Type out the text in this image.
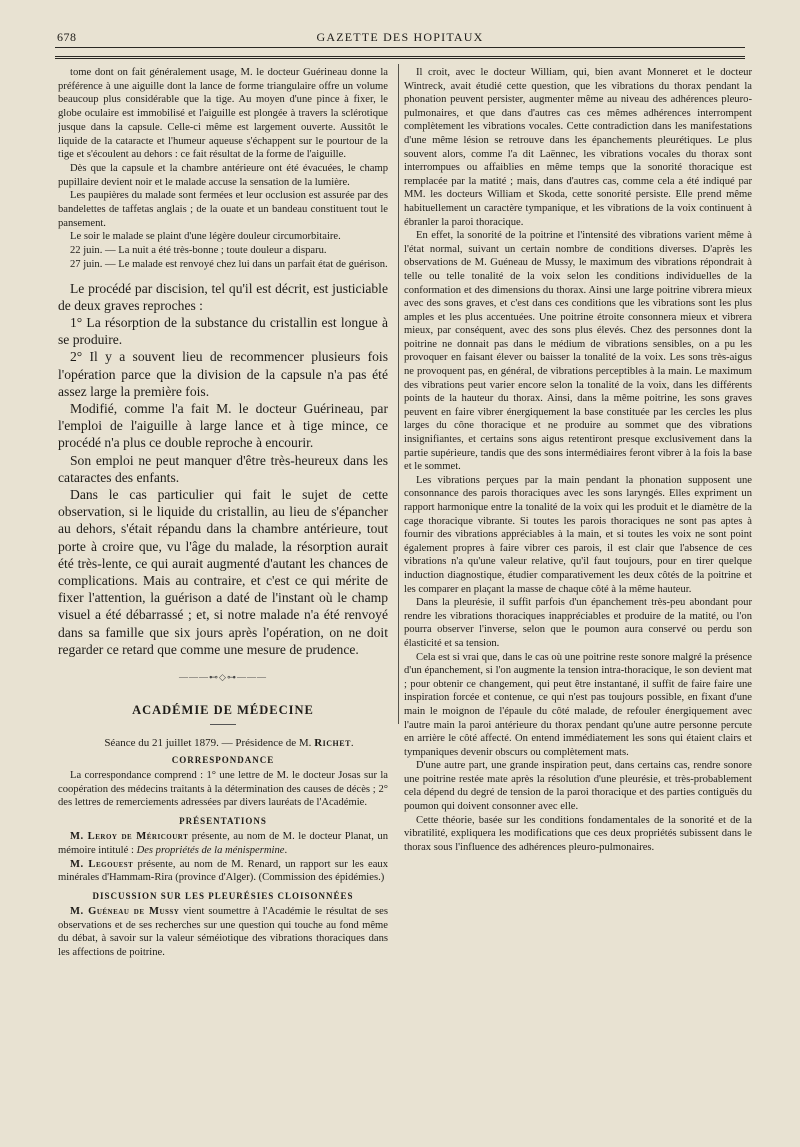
678	GAZETTE DES HOPITAUX

tome dont on fait généralement usage, M. le docteur Guérineau donne la préférence à une aiguille dont la lance de forme triangulaire offre un volume beaucoup plus considérable que la tige. Au moyen d'une pince à fixer, le globe oculaire est immobilisé et l'aiguille est plongée à travers la sclérotique jusque dans la capsule. Celle-ci même est largement ouverte. Aussitôt le liquide de la cataracte et l'humeur aqueuse s'échappent sur le pourtour de la tige et s'écoulent au dehors : ce fait résultat de la forme de l'aiguille.

Dès que la capsule et la chambre antérieure ont été évacuées, le champ pupillaire devient noir et le malade accuse la sensation de la lumière.

Les paupières du malade sont fermées et leur occlusion est assurée par des bandelettes de taffetas anglais ; de la ouate et un bandeau constituent tout le pansement.

Le soir le malade se plaint d'une légère douleur circumorbitaire.

22 juin. — La nuit a été très-bonne ; toute douleur a disparu.

27 juin. — Le malade est renvoyé chez lui dans un parfait état de guérison.

Le procédé par discision, tel qu'il est décrit, est justiciable de deux graves reproches :

1° La résorption de la substance du cristallin est longue à se produire.

2° Il y a souvent lieu de recommencer plusieurs fois l'opération parce que la division de la capsule n'a pas été assez large la première fois.

Modifié, comme l'a fait M. le docteur Guérineau, par l'emploi de l'aiguille à large lance et à tige mince, ce procédé n'a plus ce double reproche à encourir.

Son emploi ne peut manquer d'être très-heureux dans les cataractes des enfants.

Dans le cas particulier qui fait le sujet de cette observation, si le liquide du cristallin, au lieu de s'épancher au dehors, s'était répandu dans la chambre antérieure, tout porte à croire que, vu l'âge du malade, la résorption aurait été très-lente, ce qui aurait augmenté d'autant les chances de complications. Mais au contraire, et c'est ce qui mérite de fixer l'attention, la guérison a daté de l'instant où le champ visuel a été débarrassé ; et, si notre malade n'a été renvoyé dans sa famille que six jours après l'opération, on ne doit regarder ce retard que comme une mesure de prudence.

———⊷◇⊶———
ACADÉMIE DE MÉDECINE

Séance du 21 juillet 1879. — Présidence de M. Richet.

CORRESPONDANCE

La correspondance comprend : 1° une lettre de M. le docteur Josas sur la coopération des médecins traitants à la détermination des causes de décès ; 2° des lettres de remerciements adressées par divers lauréats de l'Académie.

PRÉSENTATIONS

M. Leroy de Méricourt présente, au nom de M. le docteur Planat, un mémoire intitulé : Des propriétés de la ménispermine.

M. Legouest présente, au nom de M. Renard, un rapport sur les eaux minérales d'Hammam-Rira (province d'Alger). (Commission des épidémies.)

DISCUSSION SUR LES PLEURÉSIES CLOISONNÉES

M. Guéneau de Mussy vient soumettre à l'Académie le résultat de ses observations et de ses recherches sur une question qui touche au fond même du débat, à savoir sur la valeur séméiotique des vibrations thoraciques dans les affections de poitrine.

Il croit, avec le docteur William, qui, bien avant Monneret et le docteur Wintreck, avait étudié cette question, que les vibrations du thorax pendant la phonation peuvent persister, augmenter même au niveau des adhérences pleuro-pulmonaires, et que dans d'autres cas ces mêmes adhérences interrompent complètement les vibrations vocales. Cette contradiction dans les manifestations d'une même lésion se retrouve dans les épanchements pleurétiques. Le plus souvent alors, comme l'a dit Laënnec, les vibrations vocales du thorax sont interrompues ou affaiblies en même temps que la sonorité thoracique est remplacée par la matité ; mais, dans d'autres cas, comme cela a été indiqué par MM. les docteurs William et Skoda, cette sonorité persiste. Elle prend même habituellement un caractère tympanique, et les vibrations de la voix continuent à ébranler la paroi thoracique.

En effet, la sonorité de la poitrine et l'intensité des vibrations varient même à l'état normal, suivant un certain nombre de conditions diverses. D'après les observations de M. Guéneau de Mussy, le maximum des vibrations répondrait à telle ou telle tonalité de la voix selon les conditions individuelles de la conformation et des dimensions du thorax. Ainsi une large poitrine vibrera mieux avec des sons graves, et c'est dans ces conditions que les vibrations sont les plus amples et les plus accentuées. Une poitrine étroite consonnera mieux et vibrera mieux, par conséquent, avec des sons plus élevés. Chez des personnes dont la poitrine ne donnait pas dans le médium de vibrations sensibles, on a pu les provoquer en faisant élever ou baisser la tonalité de la voix. Les sons très-aigus ne provoquent pas, en général, de vibrations perceptibles à la main. Le maximum des vibrations peut varier encore selon la tonalité de la voix, dans les différents points de la hauteur du thorax. Ainsi, dans la même poitrine, les sons graves peuvent en faire vibrer énergiquement la base constituée par les cercles les plus larges du cône thoracique et ne produire au sommet que des vibrations insignifiantes, et certains sons aigus retentiront presque exclusivement dans la partie supérieure, tandis que des sons intermédiaires feront vibrer à la fois la base et le sommet.

Les vibrations perçues par la main pendant la phonation supposent une consonnance des parois thoraciques avec les sons laryngés. Elles expriment un rapport harmonique entre la tonalité de la voix qui les produit et le diamètre de la cage thoracique vibrante. Si toutes les parois thoraciques ne sont pas aptes à fournir des vibrations appréciables à la main, et si toutes les voix ne sont point également propres à faire vibrer ces parois, il est clair que l'absence de ces vibrations n'a qu'une valeur relative, qu'il faut toujours, pour en tirer quelque induction diagnostique, étudier comparativement les deux côtés de la poitrine et les comparer en plaçant la masse de chaque côté à la même hauteur.

Dans la pleurésie, il suffit parfois d'un épanchement très-peu abondant pour rendre les vibrations thoraciques inappréciables et produire de la matité, ou l'on pourra observer l'inverse, selon que le poumon aura conservé ou perdu son élasticité et sa tension.

Cela est si vrai que, dans le cas où une poitrine reste sonore malgré la présence d'un épanchement, si l'on augmente la tension intra-thoracique, le son devient mat ; pour obtenir ce changement, qui peut être instantané, il suffit de faire faire une inspiration forcée et contenue, ce qui n'est pas toujours possible, en fixant d'une main le moignon de l'épaule du côté malade, de refouler énergiquement avec l'autre main la paroi antérieure du thorax pendant qu'une autre personne percute en arrière le côté affecté. On entend immédiatement les sons qui étaient clairs et tympaniques devenir obscurs ou complètement mats.

D'une autre part, une grande inspiration peut, dans certains cas, rendre sonore une poitrine restée mate après la résolution d'une pleurésie, et très-probablement cela dépend du degré de tension de la paroi thoracique et des parties contiguës du poumon qui doivent consonner avec elle.

Cette théorie, basée sur les conditions fondamentales de la sonorité et de la vibratilité, expliquera les modifications que ces deux propriétés subissent dans le thorax sous l'influence des adhérences pleuro-pulmonaires.
